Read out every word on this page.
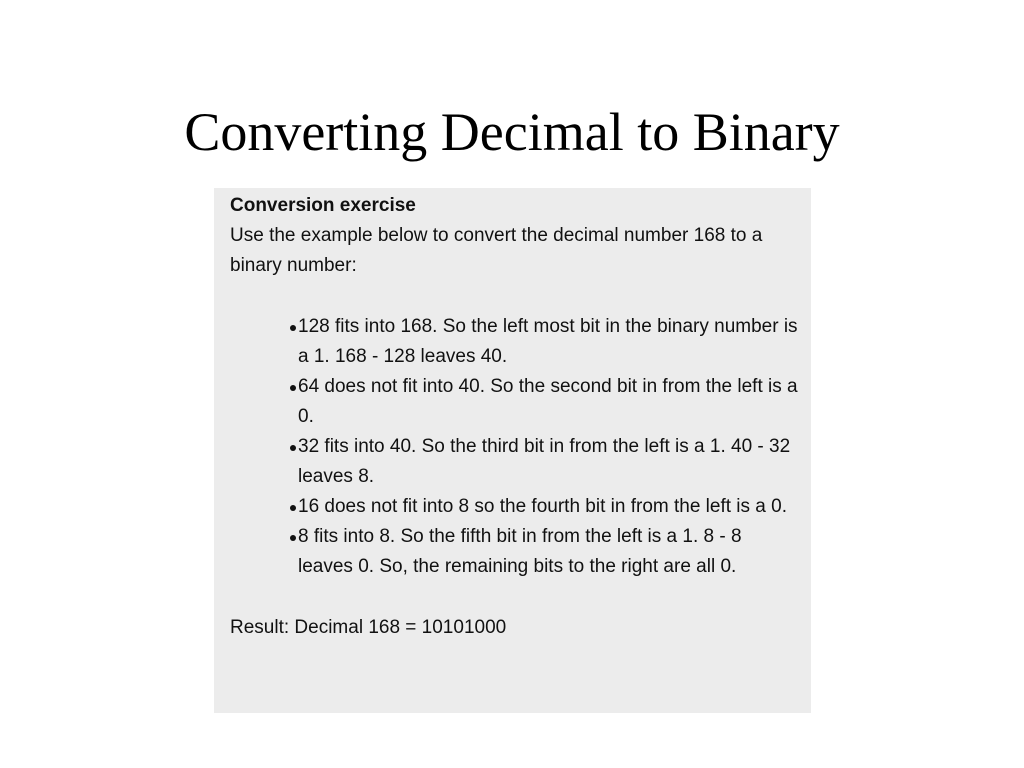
Converting Decimal to Binary

Conversion exercise

Use the example below to convert the decimal number 168 to a binary number:

128 fits into 168. So the left most bit in the binary number is a 1. 168 - 128 leaves 40.
64 does not fit into 40. So the second bit in from the left is a 0.
32 fits into 40. So the third bit in from the left is a 1. 40 - 32 leaves 8.
16 does not fit into 8 so the fourth bit in from the left is a 0.
8 fits into 8. So the fifth bit in from the left is a 1. 8 - 8 leaves 0. So, the remaining bits to the right are all 0.

Result: Decimal 168 = 10101000
